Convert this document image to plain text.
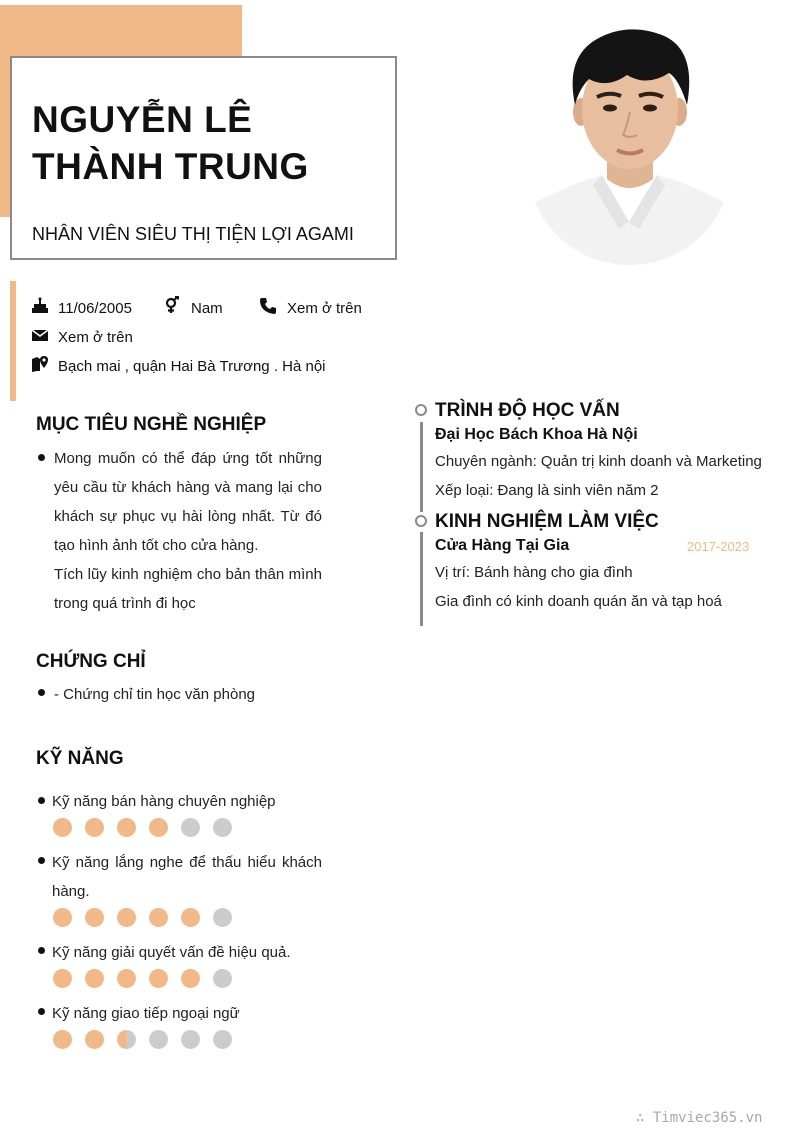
NGUYỄN LÊ THÀNH TRUNG
NHÂN VIÊN SIÊU THỊ TIỆN LỢI AGAMI
11/06/2005	Nam	Xem ở trên
Xem ở trên
Bạch mai , quận Hai Bà Trương . Hà nội
MỤC TIÊU NGHỀ NGHIỆP
Mong muốn có thể đáp ứng tốt những yêu cầu từ khách hàng và mang lại cho khách sự phục vụ hài lòng nhất. Từ đó tạo hình ảnh tốt cho cửa hàng.
Tích lũy kinh nghiệm cho bản thân mình trong quá trình đi học
CHỨNG CHỈ
- Chứng chỉ tin học văn phòng
KỸ NĂNG
Kỹ năng bán hàng chuyên nghiệp
Kỹ năng lắng nghe để thấu hiểu khách hàng.
Kỹ năng giải quyết vấn đề hiệu quả.
Kỹ năng giao tiếp ngoại ngữ
TRÌNH ĐỘ HỌC VẤN
Đại Học Bách Khoa Hà Nội
Chuyên ngành: Quản trị kinh doanh và Marketing
Xếp loại: Đang là sinh viên năm 2
KINH NGHIỆM LÀM VIỆC
Cửa Hàng Tại Gia	2017-2023
Vị trí: Bánh hàng cho gia đình
Gia đình có kinh doanh quán ăn và tạp hoá
∴ Timviec365.vn
